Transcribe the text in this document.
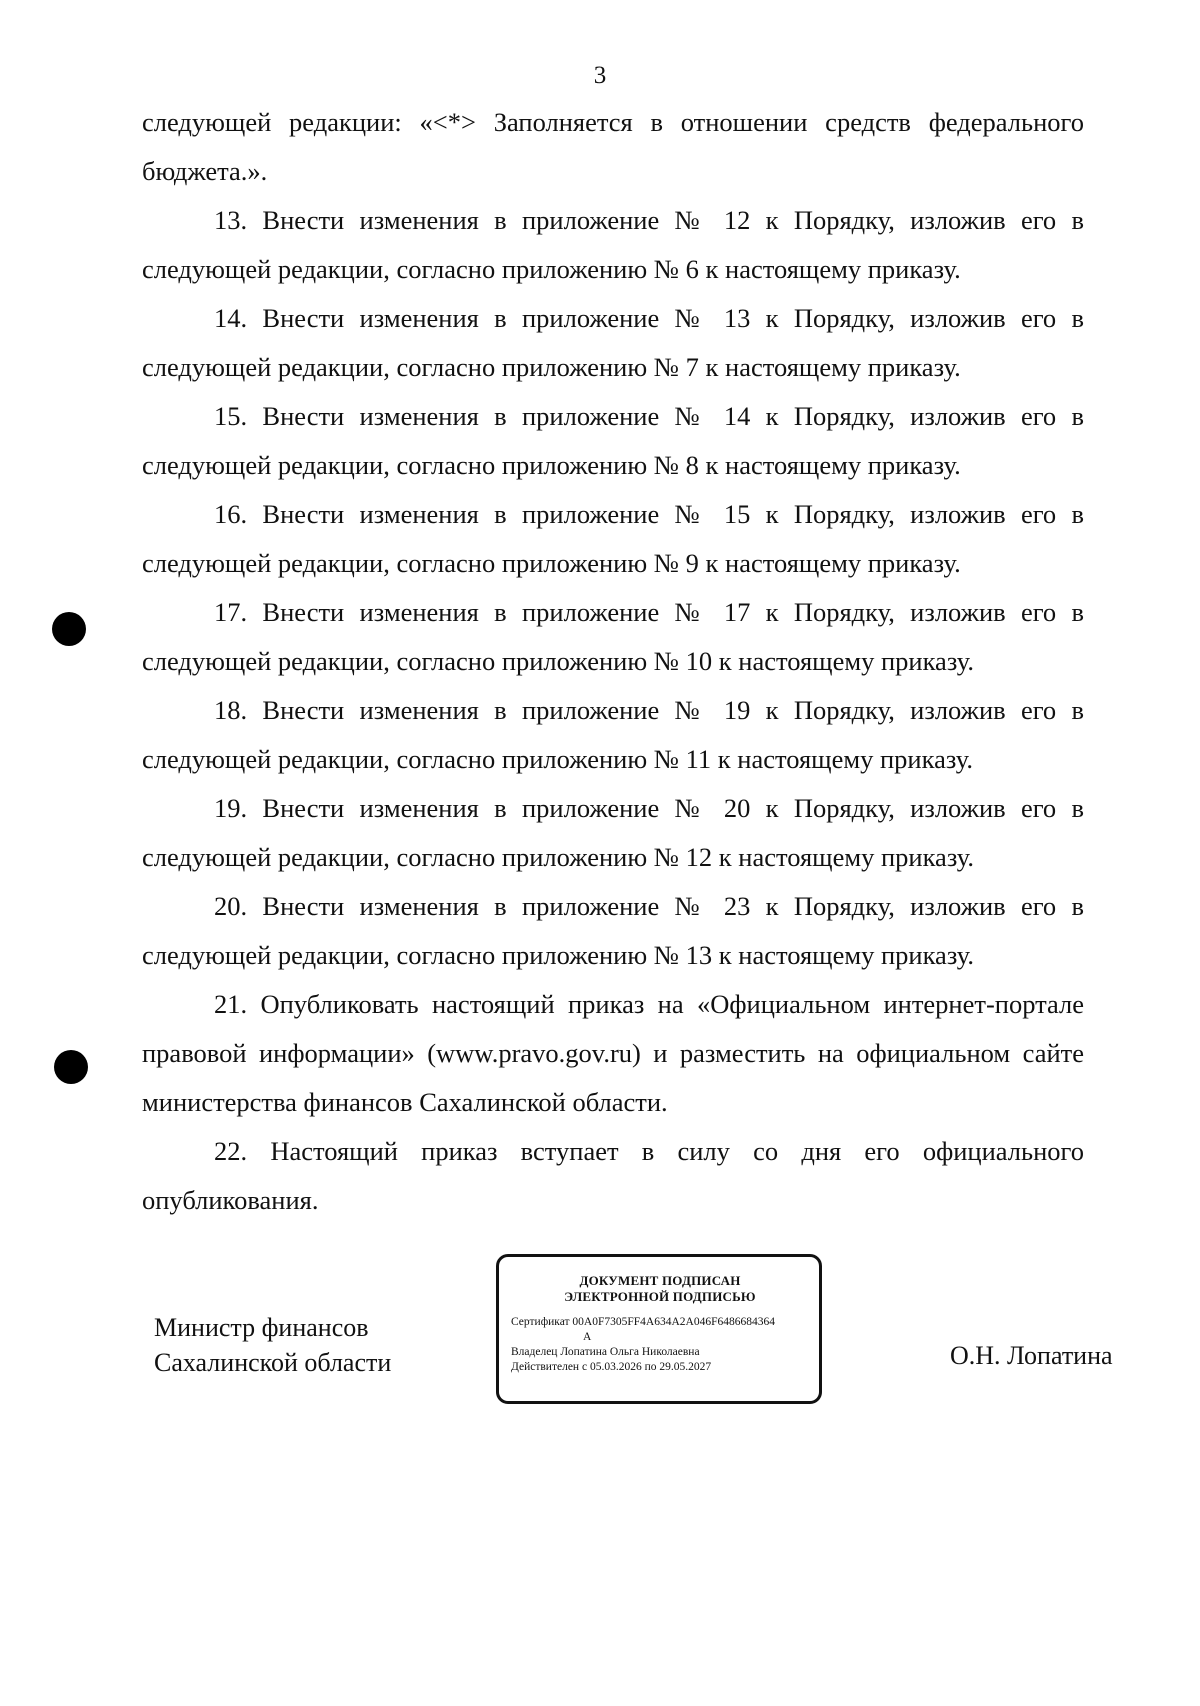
3

следующей редакции: «<*> Заполняется в отношении средств федерального бюджета.».

13. Внести изменения в приложение № 12 к Порядку, изложив его в следующей редакции, согласно приложению № 6 к настоящему приказу.

14. Внести изменения в приложение № 13 к Порядку, изложив его в следующей редакции, согласно приложению № 7 к настоящему приказу.

15. Внести изменения в приложение № 14 к Порядку, изложив его в следующей редакции, согласно приложению № 8 к настоящему приказу.

16. Внести изменения в приложение № 15 к Порядку, изложив его в следующей редакции, согласно приложению № 9 к настоящему приказу.

17. Внести изменения в приложение № 17 к Порядку, изложив его в следующей редакции, согласно приложению № 10 к настоящему приказу.

18. Внести изменения в приложение № 19 к Порядку, изложив его в следующей редакции, согласно приложению № 11 к настоящему приказу.

19. Внести изменения в приложение № 20 к Порядку, изложив его в следующей редакции, согласно приложению № 12 к настоящему приказу.

20. Внести изменения в приложение № 23 к Порядку, изложив его в следующей редакции, согласно приложению № 13 к настоящему приказу.

21. Опубликовать настоящий приказ на «Официальном интернет-портале правовой информации» (www.pravo.gov.ru) и разместить на официальном сайте министерства финансов Сахалинской области.

22. Настоящий приказ вступает в силу со дня его официального опубликования.

Министр финансов
Сахалинской области
ДОКУМЕНТ ПОДПИСАН
ЭЛЕКТРОННОЙ ПОДПИСЬЮ
Сертификат 00A0F7305FF4A634A2A046F6486684364
A
Владелец Лопатина Ольга Николаевна
Действителен с 05.03.2026 по 29.05.2027	О.Н. Лопатина
